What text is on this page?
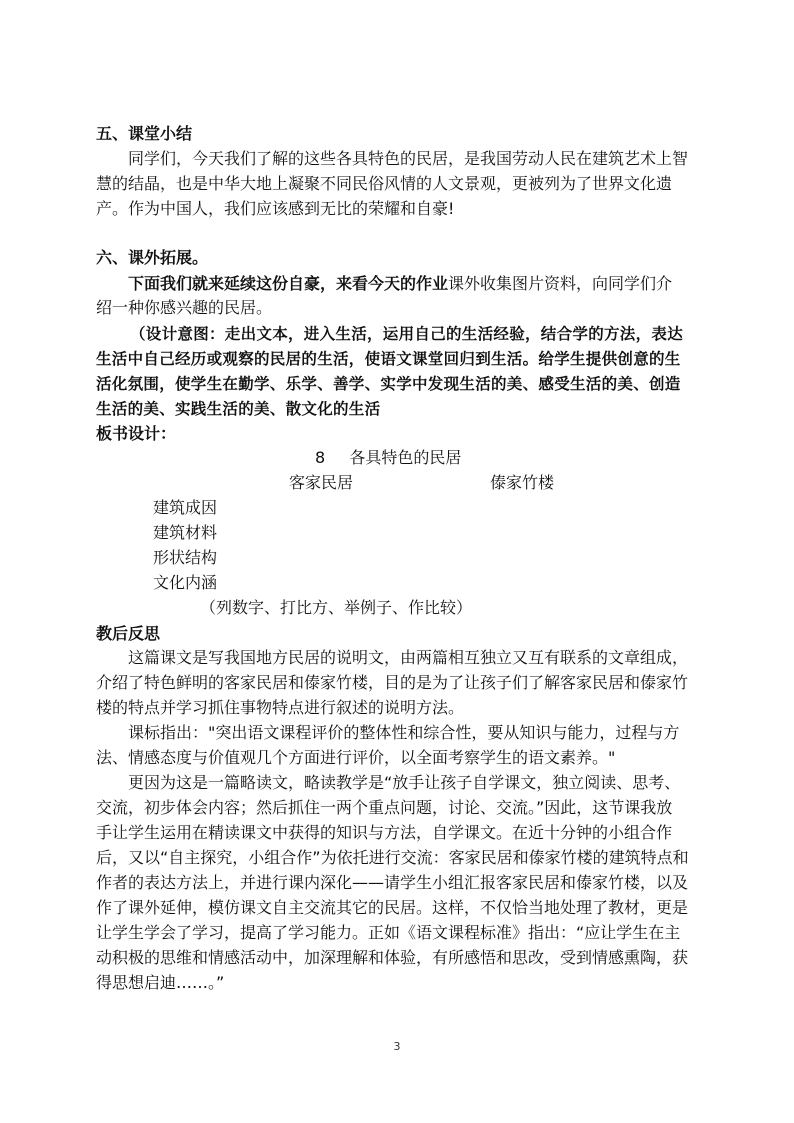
五、课堂小结
同学们，今天我们了解的这些各具特色的民居，是我国劳动人民在建筑艺术上智
慧的结晶，也是中华大地上凝聚不同民俗风情的人文景观，更被列为了世界文化遗
产。作为中国人，我们应该感到无比的荣耀和自豪!
六、课外拓展。
下面我们就来延续这份自豪，来看今天的作业课外收集图片资料，向同学们介
绍一种你感兴趣的民居。
（设计意图：走出文本，进入生活，运用自己的生活经验，结合学的方法，表达
生活中自己经历或观察的民居的生活，使语文课堂回归到生活。给学生提供创意的生
活化氛围，使学生在勤学、乐学、善学、实学中发现生活的美、感受生活的美、创造
生活的美、实践生活的美、散文化的生活
板书设计：
8 各具特色的民居
客家民居	傣家竹楼
建筑成因
建筑材料
形状结构
文化内涵
（列数字、打比方、举例子、作比较）
教后反思
这篇课文是写我国地方民居的说明文，由两篇相互独立又互有联系的文章组成，
介绍了特色鲜明的客家民居和傣家竹楼，目的是为了让孩子们了解客家民居和傣家竹
楼的特点并学习抓住事物特点进行叙述的说明方法。
课标指出："突出语文课程评价的整体性和综合性，要从知识与能力，过程与方
法、情感态度与价值观几个方面进行评价，以全面考察学生的语文素养。"
更因为这是一篇略读文，略读教学是“放手让孩子自学课文，独立阅读、思考、
交流，初步体会内容；然后抓住一两个重点问题，讨论、交流。”因此，这节课我放
手让学生运用在精读课文中获得的知识与方法，自学课文。在近十分钟的小组合作
后，又以“自主探究，小组合作”为依托进行交流：客家民居和傣家竹楼的建筑特点和
作者的表达方法上，并进行课内深化——请学生小组汇报客家民居和傣家竹楼，以及
作了课外延伸，模仿课文自主交流其它的民居。这样，不仅恰当地处理了教材，更是
让学生学会了学习，提高了学习能力。正如《语文课程标准》指出：“应让学生在主
动积极的思维和情感活动中，加深理解和体验，有所感悟和思改，受到情感熏陶，获
得思想启迪……。”
3
